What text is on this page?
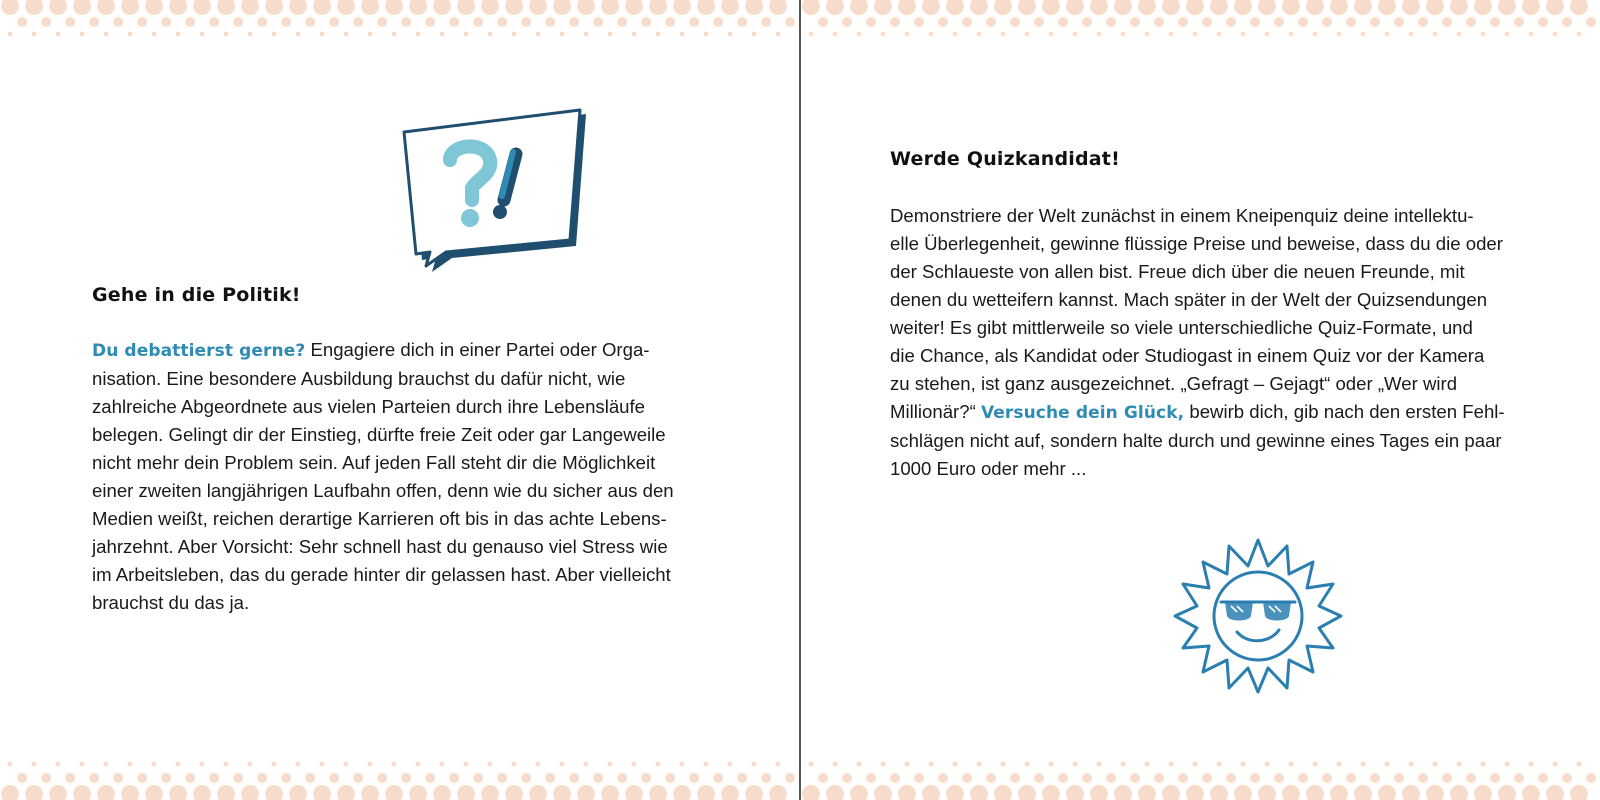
Gehe in die Politik!
Du debattierst gerne? Engagiere dich in einer Partei oder Orga-
nisation. Eine besondere Ausbildung brauchst du dafür nicht, wie
zahlreiche Abgeordnete aus vielen Parteien durch ihre Lebensläufe
belegen. Gelingt dir der Einstieg, dürfte freie Zeit oder gar Langeweile
nicht mehr dein Problem sein. Auf jeden Fall steht dir die Möglichkeit
einer zweiten langjährigen Laufbahn offen, denn wie du sicher aus den
Medien weißt, reichen derartige Karrieren oft bis in das achte Lebens-
jahrzehnt. Aber Vorsicht: Sehr schnell hast du genauso viel Stress wie
im Arbeitsleben, das du gerade hinter dir gelassen hast. Aber vielleicht
brauchst du das ja.
Werde Quizkandidat!
Demonstriere der Welt zunächst in einem Kneipenquiz deine intellektu-
elle Überlegenheit, gewinne flüssige Preise und beweise, dass du die oder
der Schlaueste von allen bist. Freue dich über die neuen Freunde, mit
denen du wetteifern kannst. Mach später in der Welt der Quizsendungen
weiter! Es gibt mittlerweile so viele unterschiedliche Quiz-Formate, und
die Chance, als Kandidat oder Studiogast in einem Quiz vor der Kamera
zu stehen, ist ganz ausgezeichnet. „Gefragt – Gejagt“ oder „Wer wird
Millionär?“ Versuche dein Glück, bewirb dich, gib nach den ersten Fehl-
schlägen nicht auf, sondern halte durch und gewinne eines Tages ein paar
1000 Euro oder mehr ...
